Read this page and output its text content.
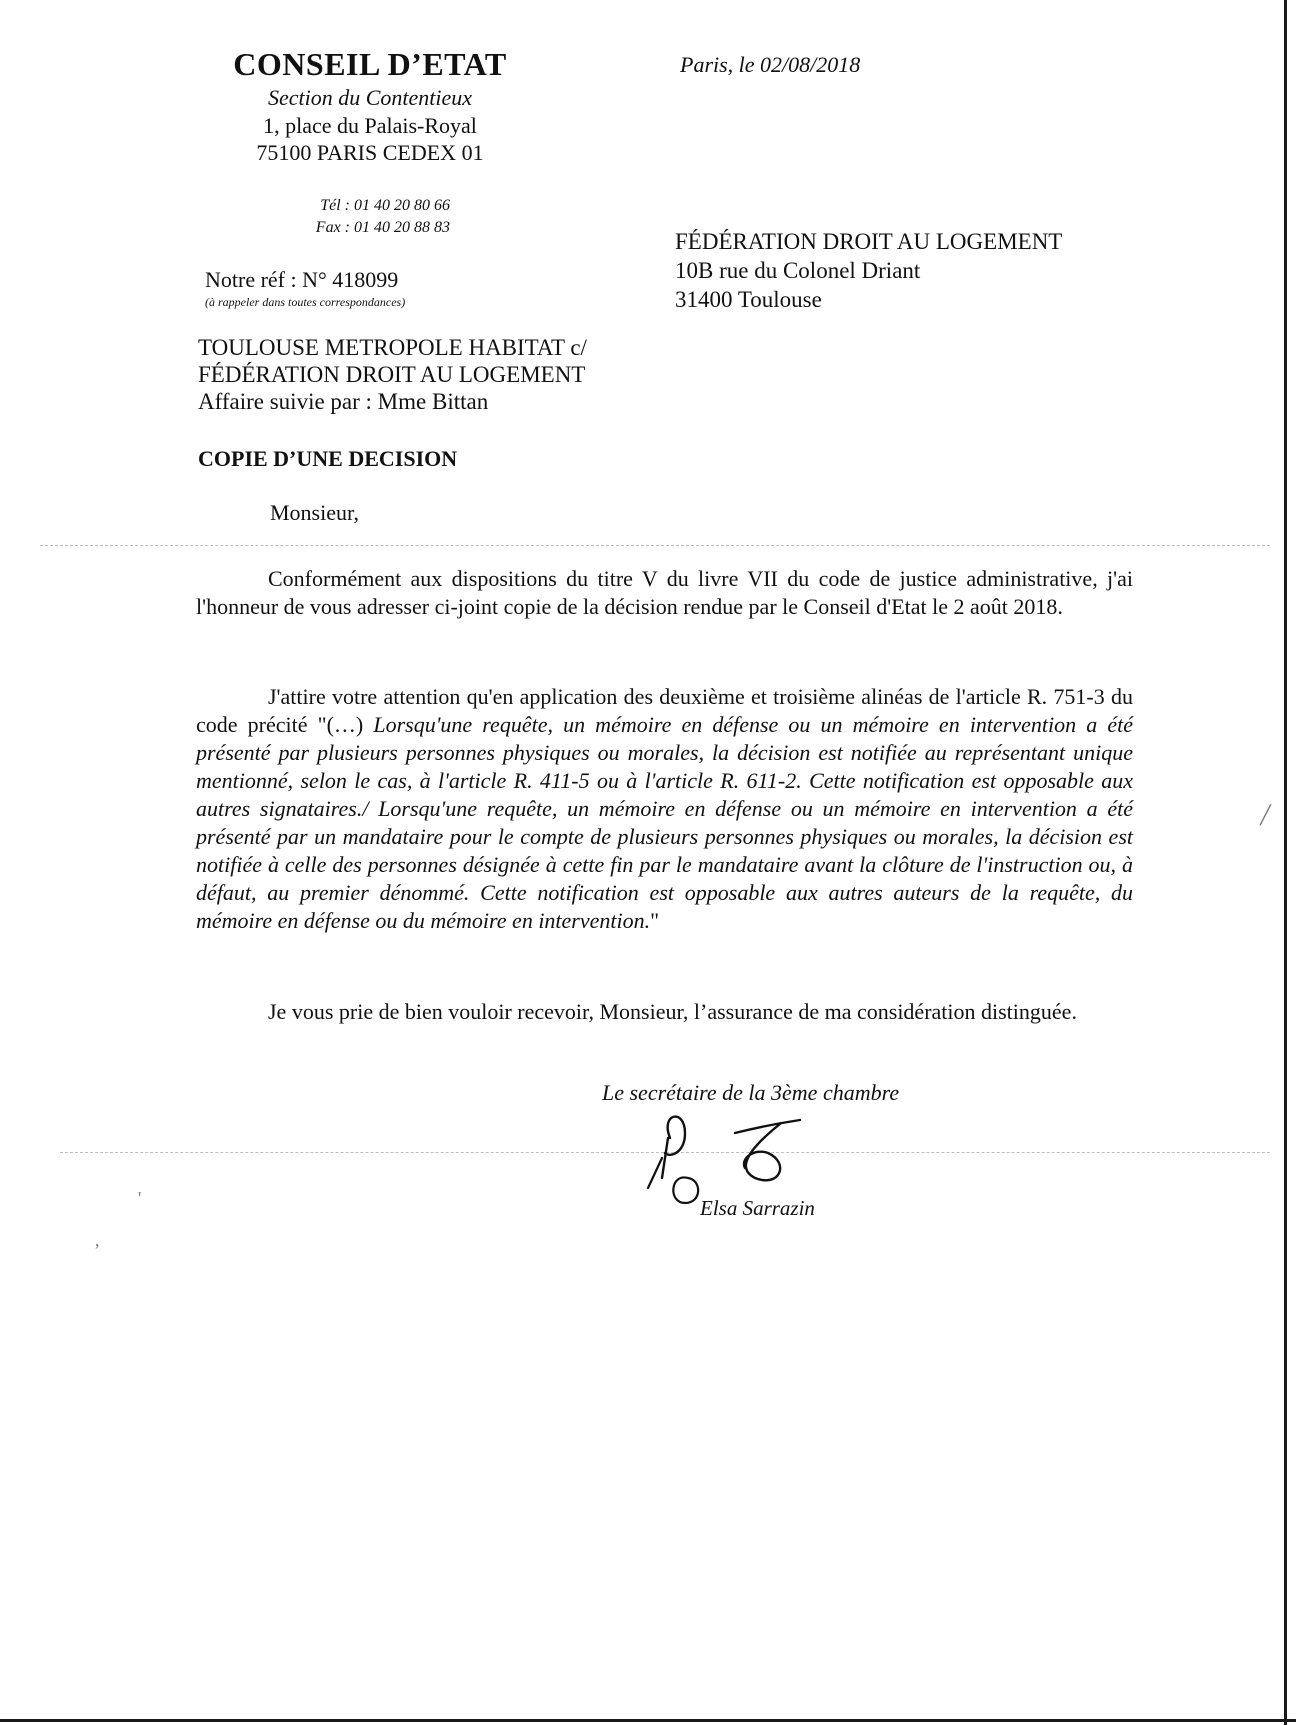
╱
'
,
CONSEIL D’ETAT
Section du Contentieux
1, place du Palais-Royal
75100 PARIS CEDEX 01
Tél : 01 40 20 80 66
Fax : 01 40 20 88 83
Notre réf : N° 418099
(à rappeler dans toutes correspondances)
Paris, le 02/08/2018
FÉDÉRATION DROIT AU LOGEMENT
10B rue du Colonel Driant
31400 Toulouse
TOULOUSE METROPOLE HABITAT c/
FÉDÉRATION DROIT AU LOGEMENT
Affaire suivie par : Mme Bittan
COPIE D’UNE DECISION
Monsieur,
Conformément aux dispositions du titre V du livre VII du code de justice administrative, j'ai l'honneur de vous adresser ci-joint copie de la décision rendue par le Conseil d'Etat le 2 août 2018.
J'attire votre attention qu'en application des deuxième et troisième alinéas de l'article R. 751-3 du code précité "(…) Lorsqu'une requête, un mémoire en défense ou un mémoire en intervention a été présenté par plusieurs personnes physiques ou morales, la décision est notifiée au représentant unique mentionné, selon le cas, à l'article R. 411-5 ou à l'article R. 611-2. Cette notification est opposable aux autres signataires./ Lorsqu'une requête, un mémoire en défense ou un mémoire en intervention a été présenté par un mandataire pour le compte de plusieurs personnes physiques ou morales, la décision est notifiée à celle des personnes désignée à cette fin par le mandataire avant la clôture de l'instruction ou, à défaut, au premier dénommé. Cette notification est opposable aux autres auteurs de la requête, du mémoire en défense ou du mémoire en intervention."
Je vous prie de bien vouloir recevoir, Monsieur, l’assurance de ma considération distinguée.
Le secrétaire de la 3ème chambre
Elsa Sarrazin
